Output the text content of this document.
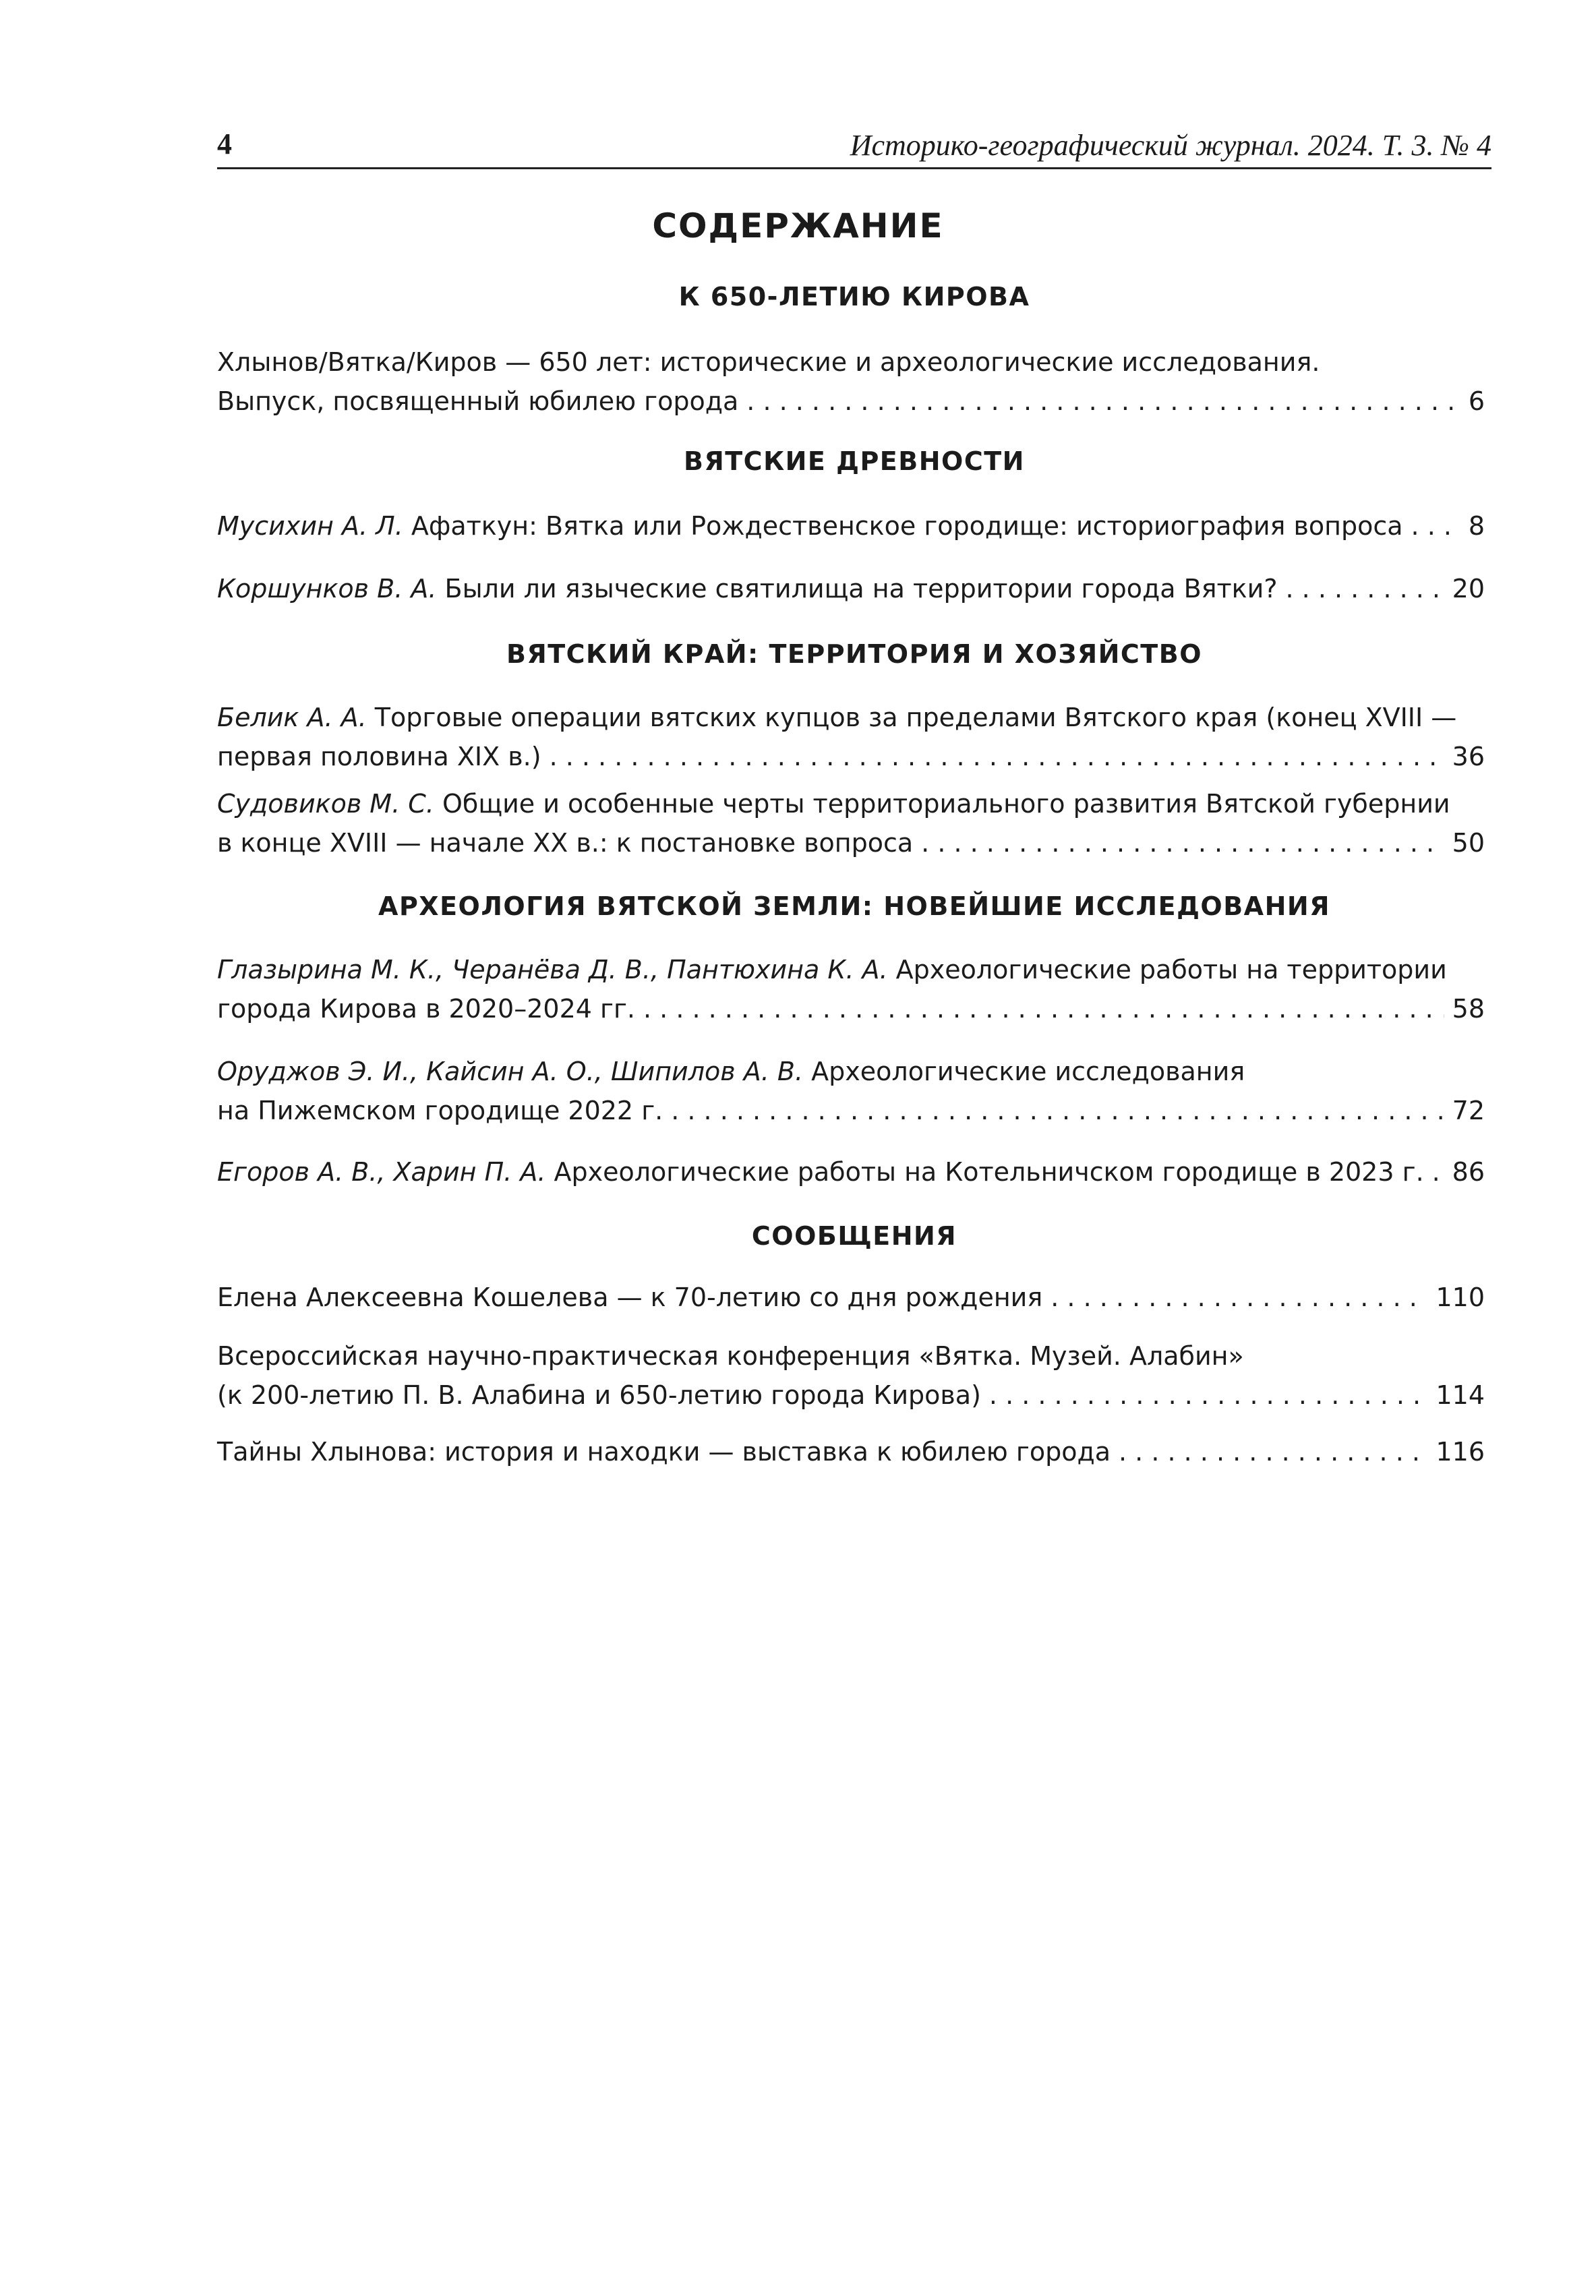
4	Историко-географический журнал. 2024. Т. 3. № 4
СОДЕРЖАНИЕ
К 650-ЛЕТИЮ КИРОВА
Хлынов/Вятка/Киров — 650 лет: исторические и археологические исследования.
Выпуск, посвященный юбилею города . . .	6
ВЯТСКИЕ ДРЕВНОСТИ
Мусихин А. Л. Афаткун: Вятка или Рождественское городище: историография вопроса . . .	8
Коршунков В. А. Были ли языческие святилища на территории города Вятки? . . .	20
ВЯТСКИЙ КРАЙ: ТЕРРИТОРИЯ И ХОЗЯЙСТВО
Белик А. А. Торговые операции вятских купцов за пределами Вятского края (конец XVIII —
первая половина XIX в.) . . .	36
Судовиков М. С. Общие и особенные черты территориального развития Вятской губернии
в конце XVIII — начале XX в.: к постановке вопроса . . .	50
АРХЕОЛОГИЯ ВЯТСКОЙ ЗЕМЛИ: НОВЕЙШИЕ ИССЛЕДОВАНИЯ
Глазырина М. К., Черанёва Д. В., Пантюхина К. А. Археологические работы на территории
города Кирова в 2020–2024 гг. . . .	58
Оруджов Э. И., Кайсин А. О., Шипилов А. В. Археологические исследования
на Пижемском городище 2022 г. . . .	72
Егоров А. В., Харин П. А. Археологические работы на Котельничском городище в 2023 г. . . . 86
СООБЩЕНИЯ
Елена Алексеевна Кошелева — к 70-летию со дня рождения . . .	110
Всероссийская научно-практическая конференция «Вятка. Музей. Алабин»
(к 200-летию П. В. Алабина и 650-летию города Кирова) . . .	114
Тайны Хлынова: история и находки — выставка к юбилею города . . .	116
